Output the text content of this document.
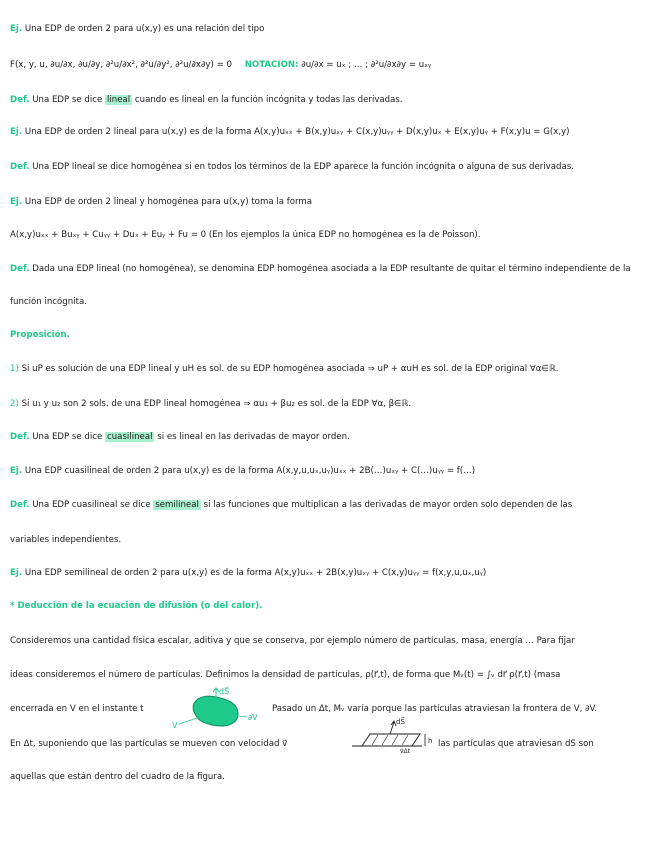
Ej. Una EDP de orden 2 para u(x,y) es una relación del tipo
F(x, y, u, ∂u/∂x, ∂u/∂y, ∂²u/∂x², ∂²u/∂y², ∂²u/∂x∂y) = 0 NOTACIÓN: ∂u/∂x = uₓ ; … ; ∂²u/∂x∂y = uₓᵧ
Def. Una EDP se dice lineal cuando es lineal en la función incógnita y todas las derivadas.
Ej. Una EDP de orden 2 lineal para u(x,y) es de la forma A(x,y)uₓₓ + B(x,y)uₓᵧ + C(x,y)uᵧᵧ + D(x,y)uₓ + E(x,y)uᵧ + F(x,y)u = G(x,y)
Def. Una EDP lineal se dice homogénea si en todos los términos de la EDP aparece la función incógnita o alguna de sus derivadas.
Ej. Una EDP de orden 2 lineal y homogénea para u(x,y) toma la forma
A(x,y)uₓₓ + Buₓᵧ + Cuᵧᵧ + Duₓ + Euᵧ + Fu = 0 (En los ejemplos la única EDP no homogénea es la de Poisson).
Def. Dada una EDP lineal (no homogénea), se denomina EDP homogénea asociada a la EDP resultante de quitar el término independiente de la
función incógnita.
Proposición.
1) Si uP es solución de una EDP lineal y uH es sol. de su EDP homogénea asociada ⇒ uP + αuH es sol. de la EDP original ∀α∈ℝ.
2) Si u₁ y u₂ son 2 sols. de una EDP lineal homogénea ⇒ αu₁ + βu₂ es sol. de la EDP ∀α, β∈ℝ.
Def. Una EDP se dice cuasilineal si es lineal en las derivadas de mayor orden.
Ej. Una EDP cuasilineal de orden 2 para u(x,y) es de la forma A(x,y,u,uₓ,uᵧ)uₓₓ + 2B(…)uₓᵧ + C(…)uᵧᵧ = f(…)
Def. Una EDP cuasilineal se dice semilineal si las funciones que multiplican a las derivadas de mayor orden solo dependen de las
variables independientes.
Ej. Una EDP semilineal de orden 2 para u(x,y) es de la forma A(x,y)uₓₓ + 2B(x,y)uₓᵧ + C(x,y)uᵧᵧ = f(x,y,u,uₓ,uᵧ)
* Deducción de la ecuación de difusión (o del calor).
Consideremos una cantidad física escalar, aditiva y que se conserva, por ejemplo número de partículas, masa, energía … Para fijar
ideas consideremos el número de partículas. Definimos la densidad de partículas, ρ(r⃗,t), de forma que Mᵥ(t) = ∫ᵥ dr⃗ ρ(r⃗,t) (masa
encerrada en V en el instante t	Pasado un Δt, Mᵥ varía porque las partículas atraviesan la frontera de V, ∂V.
En Δt, suponiendo que las partículas se mueven con velocidad v⃗	las partículas que atraviesan dS⃗ son
aquellas que están dentro del cuadro de la figura.
dS⃗
V
∂V	dS⃗
h
v⃗Δt
